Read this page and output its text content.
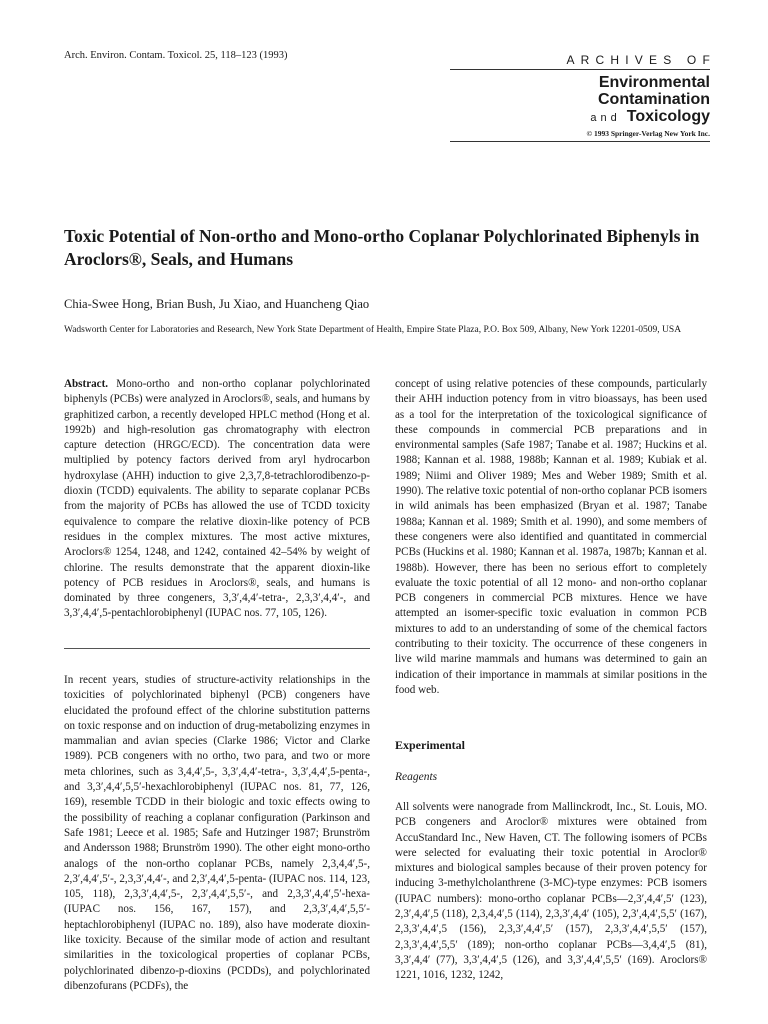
Arch. Environ. Contam. Toxicol. 25, 118–123 (1993)	ARCHIVES OF
Environmental
Contamination
and Toxicology
© 1993 Springer-Verlag New York Inc.
Toxic Potential of Non-ortho and Mono-ortho Coplanar Polychlorinated Biphenyls in Aroclors®, Seals, and Humans
Chia-Swee Hong, Brian Bush, Ju Xiao, and Huancheng Qiao
Wadsworth Center for Laboratories and Research, New York State Department of Health, Empire State Plaza, P.O. Box 509, Albany, New York 12201-0509, USA

Abstract. Mono-ortho and non-ortho coplanar polychlorinated biphenyls (PCBs) were analyzed in Aroclors®, seals, and humans by graphitized carbon, a recently developed HPLC method (Hong et al. 1992b) and high-resolution gas chromatography with electron capture detection (HRGC/ECD). The concentration data were multiplied by potency factors derived from aryl hydrocarbon hydroxylase (AHH) induction to give 2,3,7,8-tetrachlorodibenzo-p-dioxin (TCDD) equivalents. The ability to separate coplanar PCBs from the majority of PCBs has allowed the use of TCDD toxicity equivalence to compare the relative dioxin-like potency of PCB residues in the complex mixtures. The most active mixtures, Aroclors® 1254, 1248, and 1242, contained 42–54% by weight of chlorine. The results demonstrate that the apparent dioxin-like potency of PCB residues in Aroclors®, seals, and humans is dominated by three congeners, 3,3′,4,4′-tetra-, 2,3,3′,4,4′-, and 3,3′,4,4′,5-pentachlorobiphenyl (IUPAC nos. 77, 105, 126).

In recent years, studies of structure-activity relationships in the toxicities of polychlorinated biphenyl (PCB) congeners have elucidated the profound effect of the chlorine substitution patterns on toxic response and on induction of drug-metabolizing enzymes in mammalian and avian species (Clarke 1986; Victor and Clarke 1989). PCB congeners with no ortho, two para, and two or more meta chlorines, such as 3,4,4′,5-, 3,3′,4,4′-tetra-, 3,3′,4,4′,5-penta-, and 3,3′,4,4′,5,5′-hexachlorobiphenyl (IUPAC nos. 81, 77, 126, 169), resemble TCDD in their biologic and toxic effects owing to the possibility of reaching a coplanar configuration (Parkinson and Safe 1981; Leece et al. 1985; Safe and Hutzinger 1987; Brunström and Andersson 1988; Brunström 1990). The other eight mono-ortho analogs of the non-ortho coplanar PCBs, namely 2,3,4,4′,5-, 2,3′,4,4′,5′-, 2,3,3′,4,4′-, and 2,3′,4,4′,5-penta- (IUPAC nos. 114, 123, 105, 118), 2,3,3′,4,4′,5-, 2,3′,4,4′,5,5′-, and 2,3,3′,4,4′,5′-hexa- (IUPAC nos. 156, 167, 157), and 2,3,3′,4,4′,5,5′-heptachlorobiphenyl (IUPAC no. 189), also have moderate dioxin-like toxicity. Because of the similar mode of action and resultant similarities in the toxicological properties of coplanar PCBs, polychlorinated dibenzo-p-dioxins (PCDDs), and polychlorinated dibenzofurans (PCDFs), the
concept of using relative potencies of these compounds, particularly their AHH induction potency from in vitro bioassays, has been used as a tool for the interpretation of the toxicological significance of these compounds in commercial PCB preparations and in environmental samples (Safe 1987; Tanabe et al. 1987; Huckins et al. 1988; Kannan et al. 1988, 1988b; Kannan et al. 1989; Kubiak et al. 1989; Niimi and Oliver 1989; Mes and Weber 1989; Smith et al. 1990). The relative toxic potential of non-ortho coplanar PCB isomers in wild animals has been emphasized (Bryan et al. 1987; Tanabe 1988a; Kannan et al. 1989; Smith et al. 1990), and some members of these congeners were also identified and quantitated in commercial PCBs (Huckins et al. 1980; Kannan et al. 1987a, 1987b; Kannan et al. 1988b). However, there has been no serious effort to completely evaluate the toxic potential of all 12 mono- and non-ortho coplanar PCB congeners in commercial PCB mixtures. Hence we have attempted an isomer-specific toxic evaluation in common PCB mixtures to add to an understanding of some of the chemical factors contributing to their toxicity. The occurrence of these congeners in live wild marine mammals and humans was determined to gain an indication of their importance in mammals at similar positions in the food web.
Experimental
Reagents
All solvents were nanograde from Mallinckrodt, Inc., St. Louis, MO. PCB congeners and Aroclor® mixtures were obtained from AccuStandard Inc., New Haven, CT. The following isomers of PCBs were selected for evaluating their toxic potential in Aroclor® mixtures and biological samples because of their proven potency for inducing 3-methylcholanthrene (3-MC)-type enzymes: PCB isomers (IUPAC numbers): mono-ortho coplanar PCBs—2,3′,4,4′,5′ (123), 2,3′,4,4′,5 (118), 2,3,4,4′,5 (114), 2,3,3′,4,4′ (105), 2,3′,4,4′,5,5′ (167), 2,3,3′,4,4′,5 (156), 2,3,3′,4,4′,5′ (157), 2,3,3′,4,4′,5,5′ (157), 2,3,3′,4,4′,5,5′ (189); non-ortho coplanar PCBs—3,4,4′,5 (81), 3,3′,4,4′ (77), 3,3′,4,4′,5 (126), and 3,3′,4,4′,5,5′ (169). Aroclors® 1221, 1016, 1232, 1242,
